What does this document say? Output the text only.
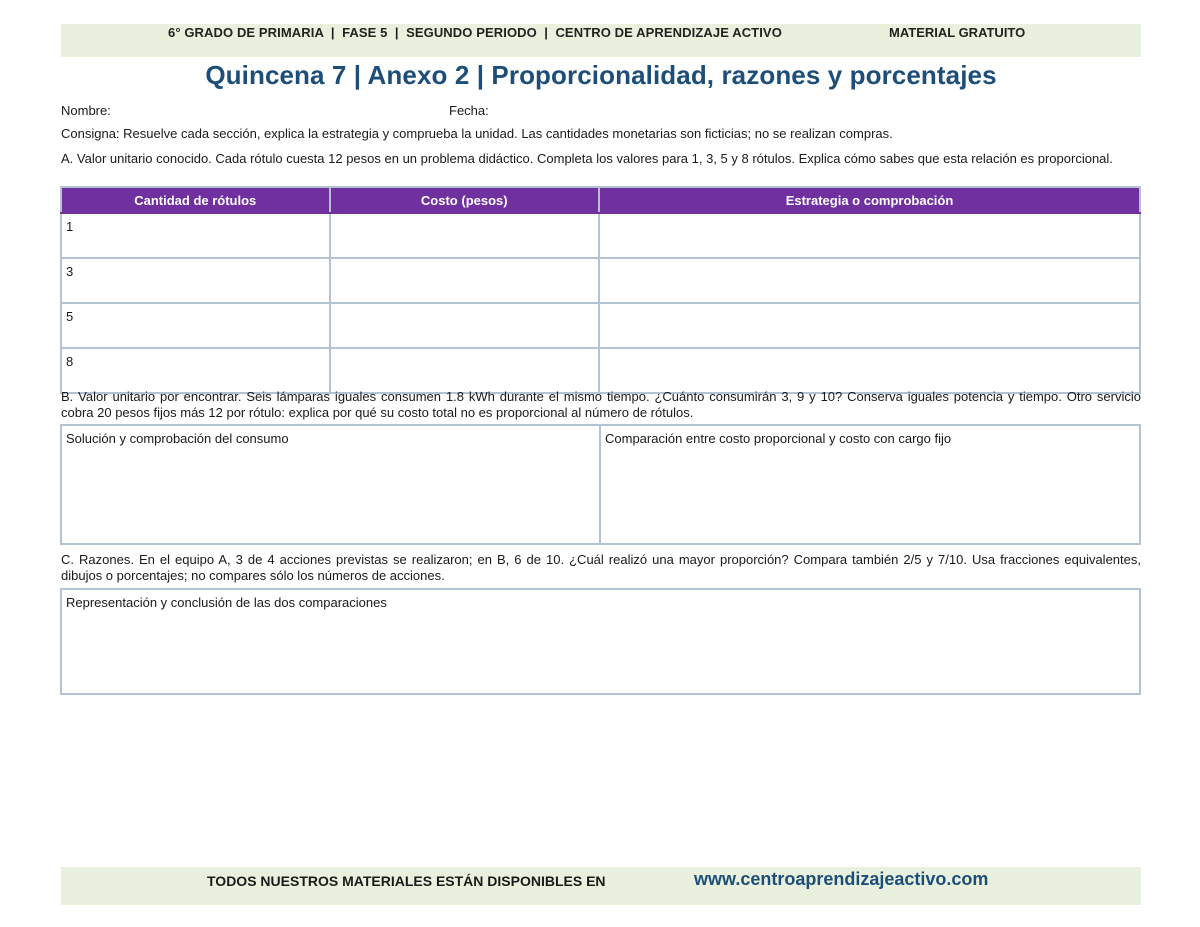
6° GRADO DE PRIMARIA  |  FASE 5  |  SEGUNDO PERIODO  |  CENTRO DE APRENDIZAJE ACTIVO	MATERIAL GRATUITO
Quincena 7 | Anexo 2 | Proporcionalidad, razones y porcentajes
Nombre:	Fecha:
Consigna: Resuelve cada sección, explica la estrategia y comprueba la unidad. Las cantidades monetarias son ficticias; no se realizan compras.
A. Valor unitario conocido. Cada rótulo cuesta 12 pesos en un problema didáctico. Completa los valores para 1, 3, 5 y 8 rótulos. Explica cómo sabes que esta relación es proporcional.
Cantidad de rótulos	Costo (pesos)	Estrategia o comprobación
1		
3		
5		
8		
B. Valor unitario por encontrar. Seis lámparas iguales consumen 1.8 kWh durante el mismo tiempo. ¿Cuánto consumirán 3, 9 y 10? Conserva iguales potencia y tiempo. Otro servicio cobra 20 pesos fijos más 12 por rótulo: explica por qué su costo total no es proporcional al número de rótulos.
Solución y comprobación del consumo	Comparación entre costo proporcional y costo con cargo fijo
C. Razones. En el equipo A, 3 de 4 acciones previstas se realizaron; en B, 6 de 10. ¿Cuál realizó una mayor proporción? Compara también 2/5 y 7/10. Usa fracciones equivalentes, dibujos o porcentajes; no compares sólo los números de acciones.
Representación y conclusión de las dos comparaciones
TODOS NUESTROS MATERIALES ESTÁN DISPONIBLES EN	www.centroaprendizajeactivo.com
